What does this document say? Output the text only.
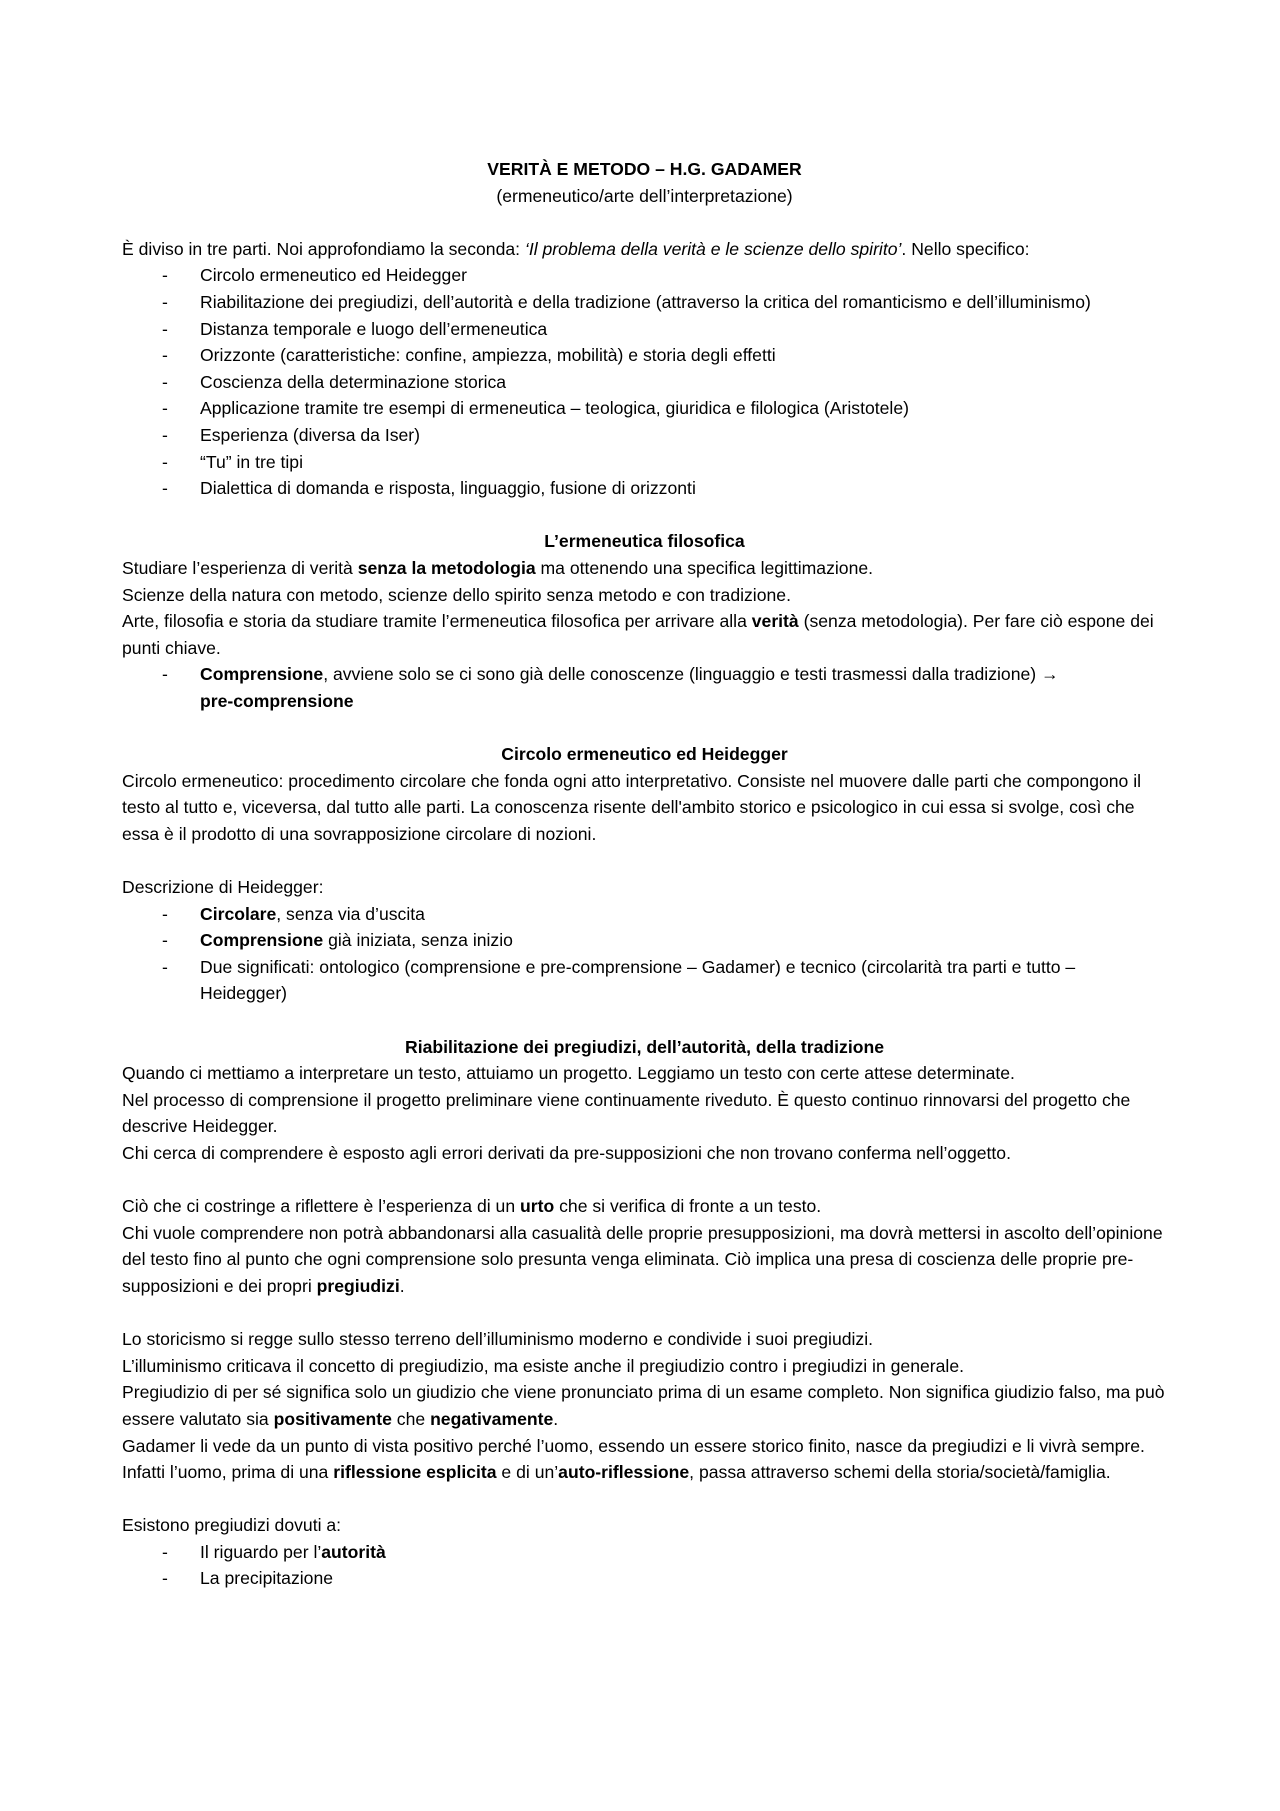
VERITÀ E METODO – H.G. GADAMER

(ermeneutico/arte dell’interpretazione)

È diviso in tre parti. Noi approfondiamo la seconda: ‘Il problema della verità e le scienze dello spirito’. Nello specifico:

- Circolo ermeneutico ed Heidegger
- Riabilitazione dei pregiudizi, dell’autorità e della tradizione (attraverso la critica del romanticismo e dell’illuminismo)
- Distanza temporale e luogo dell’ermeneutica
- Orizzonte (caratteristiche: confine, ampiezza, mobilità) e storia degli effetti
- Coscienza della determinazione storica
- Applicazione tramite tre esempi di ermeneutica – teologica, giuridica e filologica (Aristotele)
- Esperienza (diversa da Iser)
- “Tu” in tre tipi
- Dialettica di domanda e risposta, linguaggio, fusione di orizzonti

L’ermeneutica filosofica

Studiare l’esperienza di verità senza la metodologia ma ottenendo una specifica legittimazione.

Scienze della natura con metodo, scienze dello spirito senza metodo e con tradizione.

Arte, filosofia e storia da studiare tramite l’ermeneutica filosofica per arrivare alla verità (senza metodologia). Per fare ciò espone dei punti chiave.

- Comprensione, avviene solo se ci sono già delle conoscenze (linguaggio e testi trasmessi dalla tradizione) →
pre-comprensione

Circolo ermeneutico ed Heidegger

Circolo ermeneutico: procedimento circolare che fonda ogni atto interpretativo. Consiste nel muovere dalle parti che compongono il testo al tutto e, viceversa, dal tutto alle parti. La conoscenza risente dell'ambito storico e psicologico in cui essa si svolge, così che essa è il prodotto di una sovrapposizione circolare di nozioni.

Descrizione di Heidegger:

- Circolare, senza via d’uscita
- Comprensione già iniziata, senza inizio
- Due significati: ontologico (comprensione e pre-comprensione – Gadamer) e tecnico (circolarità tra parti e tutto – Heidegger)

Riabilitazione dei pregiudizi, dell’autorità, della tradizione

Quando ci mettiamo a interpretare un testo, attuiamo un progetto. Leggiamo un testo con certe attese determinate.

Nel processo di comprensione il progetto preliminare viene continuamente riveduto. È questo continuo rinnovarsi del progetto che descrive Heidegger.

Chi cerca di comprendere è esposto agli errori derivati da pre-supposizioni che non trovano conferma nell’oggetto.

Ciò che ci costringe a riflettere è l’esperienza di un urto che si verifica di fronte a un testo.

Chi vuole comprendere non potrà abbandonarsi alla casualità delle proprie presupposizioni, ma dovrà mettersi in ascolto dell’opinione del testo fino al punto che ogni comprensione solo presunta venga eliminata. Ciò implica una presa di coscienza delle proprie pre-supposizioni e dei propri pregiudizi.

Lo storicismo si regge sullo stesso terreno dell’illuminismo moderno e condivide i suoi pregiudizi.

L’illuminismo criticava il concetto di pregiudizio, ma esiste anche il pregiudizio contro i pregiudizi in generale.

Pregiudizio di per sé significa solo un giudizio che viene pronunciato prima di un esame completo. Non significa giudizio falso, ma può essere valutato sia positivamente che negativamente.

Gadamer li vede da un punto di vista positivo perché l’uomo, essendo un essere storico finito, nasce da pregiudizi e li vivrà sempre. Infatti l’uomo, prima di una riflessione esplicita e di un’auto-riflessione, passa attraverso schemi della storia/società/famiglia.

Esistono pregiudizi dovuti a:

- Il riguardo per l’autorità
- La precipitazione
